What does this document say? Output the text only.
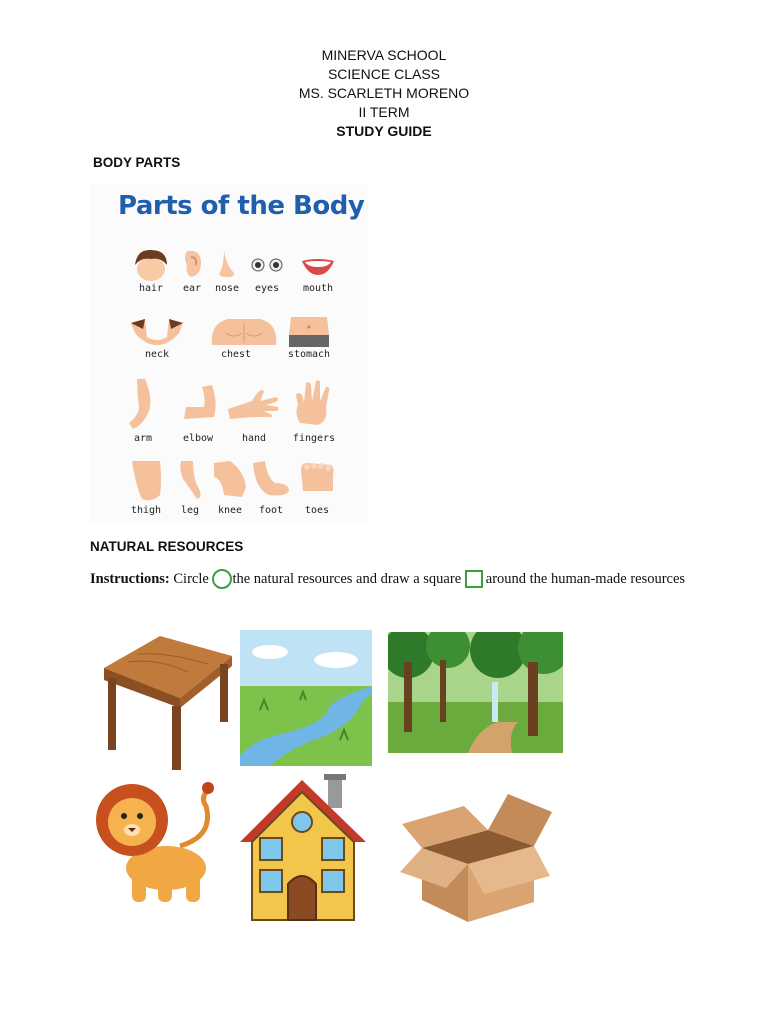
MINERVA SCHOOL
SCIENCE CLASS
MS. SCARLETH MORENO
II TERM
STUDY GUIDE
BODY PARTS
Parts of the Body
hair	ear	nose	eyes	mouth
neck	chest	stomach
arm	elbow	hand	fingers
thigh	leg	knee	foot	toes
NATURAL RESOURCES
Instructions: Circle the natural resources and draw a square around the human-made resources
